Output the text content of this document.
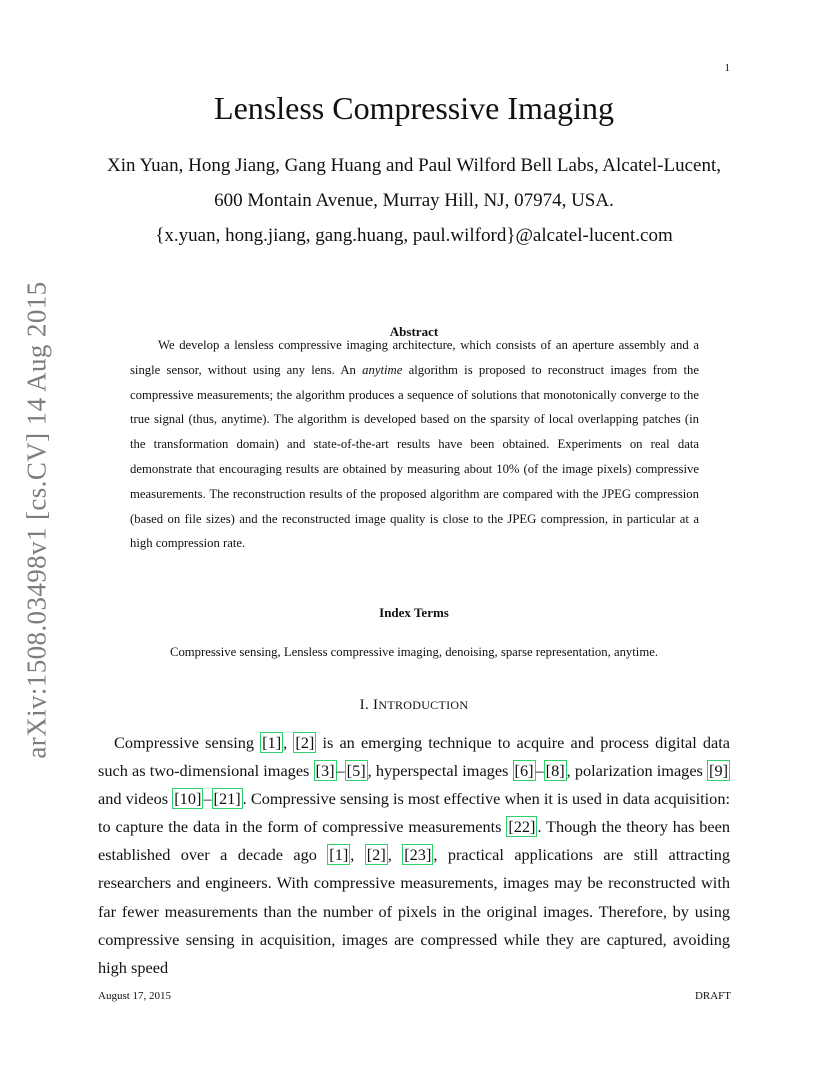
1
Lensless Compressive Imaging
Xin Yuan, Hong Jiang, Gang Huang and Paul Wilford Bell Labs, Alcatel-Lucent,
600 Montain Avenue, Murray Hill, NJ, 07974, USA.
{x.yuan, hong.jiang, gang.huang, paul.wilford}@alcatel-lucent.com
arXiv:1508.03498v1 [cs.CV] 14 Aug 2015	Abstract

We develop a lensless compressive imaging architecture, which consists of an aperture assembly and a single sensor, without using any lens. An anytime algorithm is proposed to reconstruct images from the compressive measurements; the algorithm produces a sequence of solutions that monotonically converge to the true signal (thus, anytime). The algorithm is developed based on the sparsity of local overlapping patches (in the transformation domain) and state-of-the-art results have been obtained. Experiments on real data demonstrate that encouraging results are obtained by measuring about 10% (of the image pixels) compressive measurements. The reconstruction results of the proposed algorithm are compared with the JPEG compression (based on file sizes) and the reconstructed image quality is close to the JPEG compression, in particular at a high compression rate.

Index Terms
Compressive sensing, Lensless compressive imaging, denoising, sparse representation, anytime.
I. INTRODUCTION

Compressive sensing [1] , [2] is an emerging technique to acquire and process digital data such as two-dimensional images [3] – [5] , hyperspectal images [6] – [8] , polarization images [9] and videos [10] – [21] . Compressive sensing is most effective when it is used in data acquisition: to capture the data in the form of compressive measurements [22] . Though the theory has been established over a decade ago [1] , [2] , [23] , practical applications are still attracting researchers and engineers. With compressive measurements, images may be reconstructed with far fewer measurements than the number of pixels in the original images. Therefore, by using compressive sensing in acquisition, images are compressed while they are captured, avoiding high speed

August 17, 2015	DRAFT
